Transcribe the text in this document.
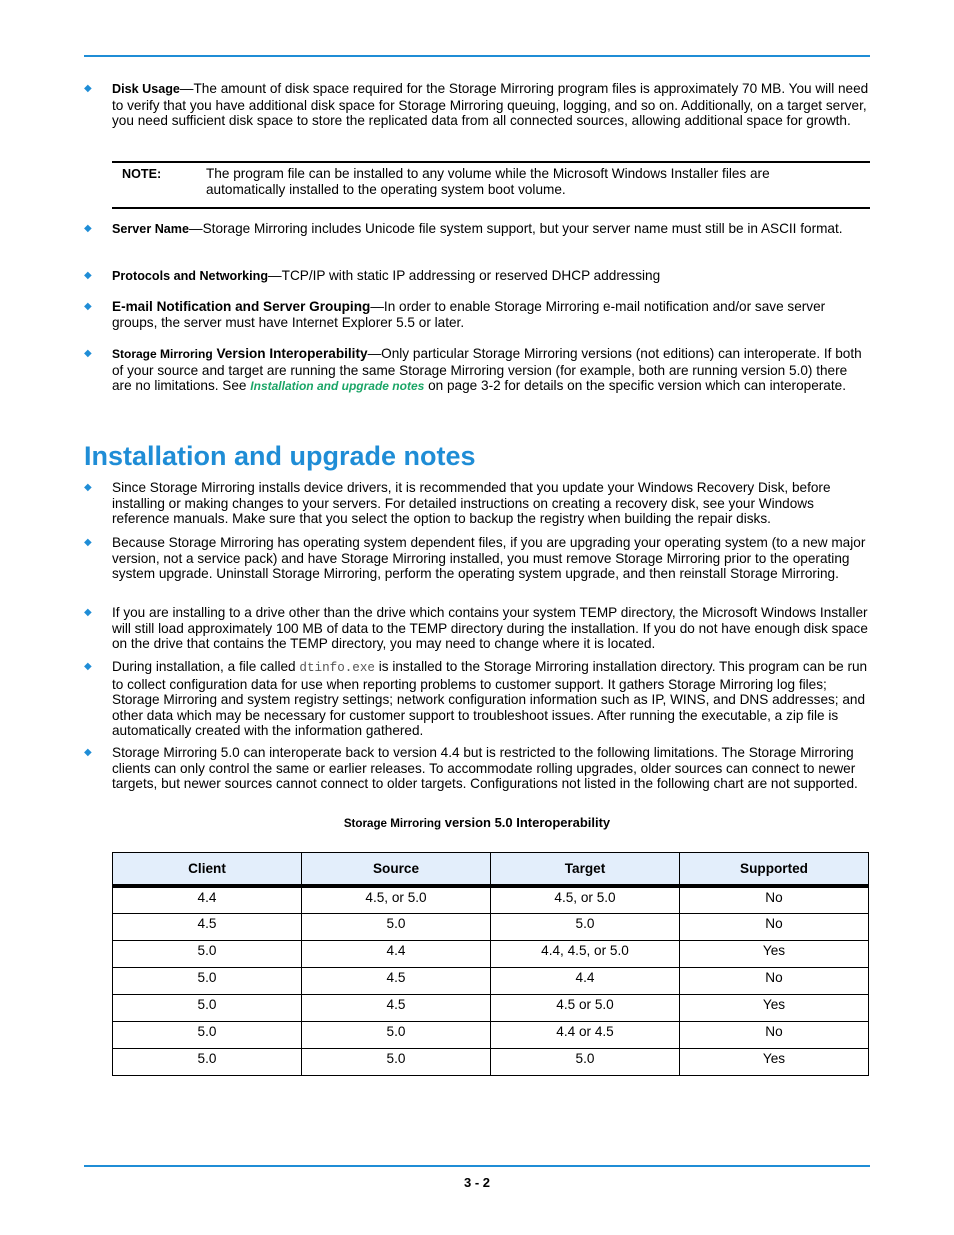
◆ Disk Usage—The amount of disk space required for the Storage Mirroring program files is approximately 70 MB. You will need to verify that you have additional disk space for Storage Mirroring queuing, logging, and so on. Additionally, on a target server, you need sufficient disk space to store the replicated data from all connected sources, allowing additional space for growth.
NOTE:	The program file can be installed to any volume while the Microsoft Windows Installer files are automatically installed to the operating system boot volume.
◆ Server Name—Storage Mirroring includes Unicode file system support, but your server name must still be in ASCII format.
◆ Protocols and Networking—TCP/IP with static IP addressing or reserved DHCP addressing
◆ E-mail Notification and Server Grouping—In order to enable Storage Mirroring e-mail notification and/or save server groups, the server must have Internet Explorer 5.5 or later.
◆ Storage Mirroring Version Interoperability—Only particular Storage Mirroring versions (not editions) can interoperate. If both of your source and target are running the same Storage Mirroring version (for example, both are running version 5.0) there are no limitations. See Installation and upgrade notes on page 3-2 for details on the specific version which can interoperate.
Installation and upgrade notes
◆ Since Storage Mirroring installs device drivers, it is recommended that you update your Windows Recovery Disk, before installing or making changes to your servers. For detailed instructions on creating a recovery disk, see your Windows reference manuals. Make sure that you select the option to backup the registry when building the repair disks.
◆ Because Storage Mirroring has operating system dependent files, if you are upgrading your operating system (to a new major version, not a service pack) and have Storage Mirroring installed, you must remove Storage Mirroring prior to the operating system upgrade. Uninstall Storage Mirroring, perform the operating system upgrade, and then reinstall Storage Mirroring.
◆ If you are installing to a drive other than the drive which contains your system TEMP directory, the Microsoft Windows Installer will still load approximately 100 MB of data to the TEMP directory during the installation. If you do not have enough disk space on the drive that contains the TEMP directory, you may need to change where it is located.
◆ During installation, a file called dtinfo.exe is installed to the Storage Mirroring installation directory. This program can be run to collect configuration data for use when reporting problems to customer support. It gathers Storage Mirroring log files; Storage Mirroring and system registry settings; network configuration information such as IP, WINS, and DNS addresses; and other data which may be necessary for customer support to troubleshoot issues. After running the executable, a zip file is automatically created with the information gathered.
◆ Storage Mirroring 5.0 can interoperate back to version 4.4 but is restricted to the following limitations. The Storage Mirroring clients can only control the same or earlier releases. To accommodate rolling upgrades, older sources can connect to newer targets, but newer sources cannot connect to older targets. Configurations not listed in the following chart are not supported.
Storage Mirroring version 5.0 Interoperability
Client	Source	Target	Supported
4.4	4.5, or 5.0	4.5, or 5.0	No
4.5	5.0	5.0	No
5.0	4.4	4.4, 4.5, or 5.0	Yes
5.0	4.5	4.4	No
5.0	4.5	4.5 or 5.0	Yes
5.0	5.0	4.4 or 4.5	No
5.0	5.0	5.0	Yes
3 - 2
